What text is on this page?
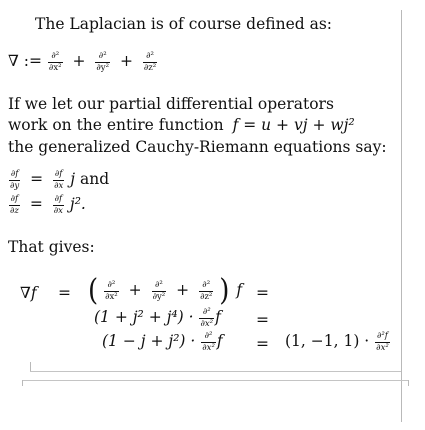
The Laplacian is of course defined as:
∇ := $\frac{\text{∂²}}{\text{∂x²}} + \frac{\text{∂²}}{\text{∂y²}} + \frac{\text{∂²}}{\text{∂z²}}$
If we let our partial differential operators
work on the entire function f = u + vj + wj²
the generalized Cauchy-Riemann equations say:
$\frac{\partial f}{\partial y} = \frac{\partial f}{\partial x}$ j and
$\frac{\partial f}{\partial z} = \frac{\partial f}{\partial x} j^2$.
That gives:
∇f = ( $\frac{\text{∂²}}{\text{∂x²}} + \frac{\text{∂²}}{\text{∂y²}} + \frac{\text{∂²}}{\text{∂z²}}$ ) f =
$(1 + j^2 + j^4) \cdot \frac{\text{∂²}}{\text{∂x²}}$ f =
$(1 - j + j^2) \cdot \frac{\text{∂²}}{\text{∂x²}}$ f = (1, −1, $1) \cdot \frac{\text{∂²f}}{\text{∂x²}}$
